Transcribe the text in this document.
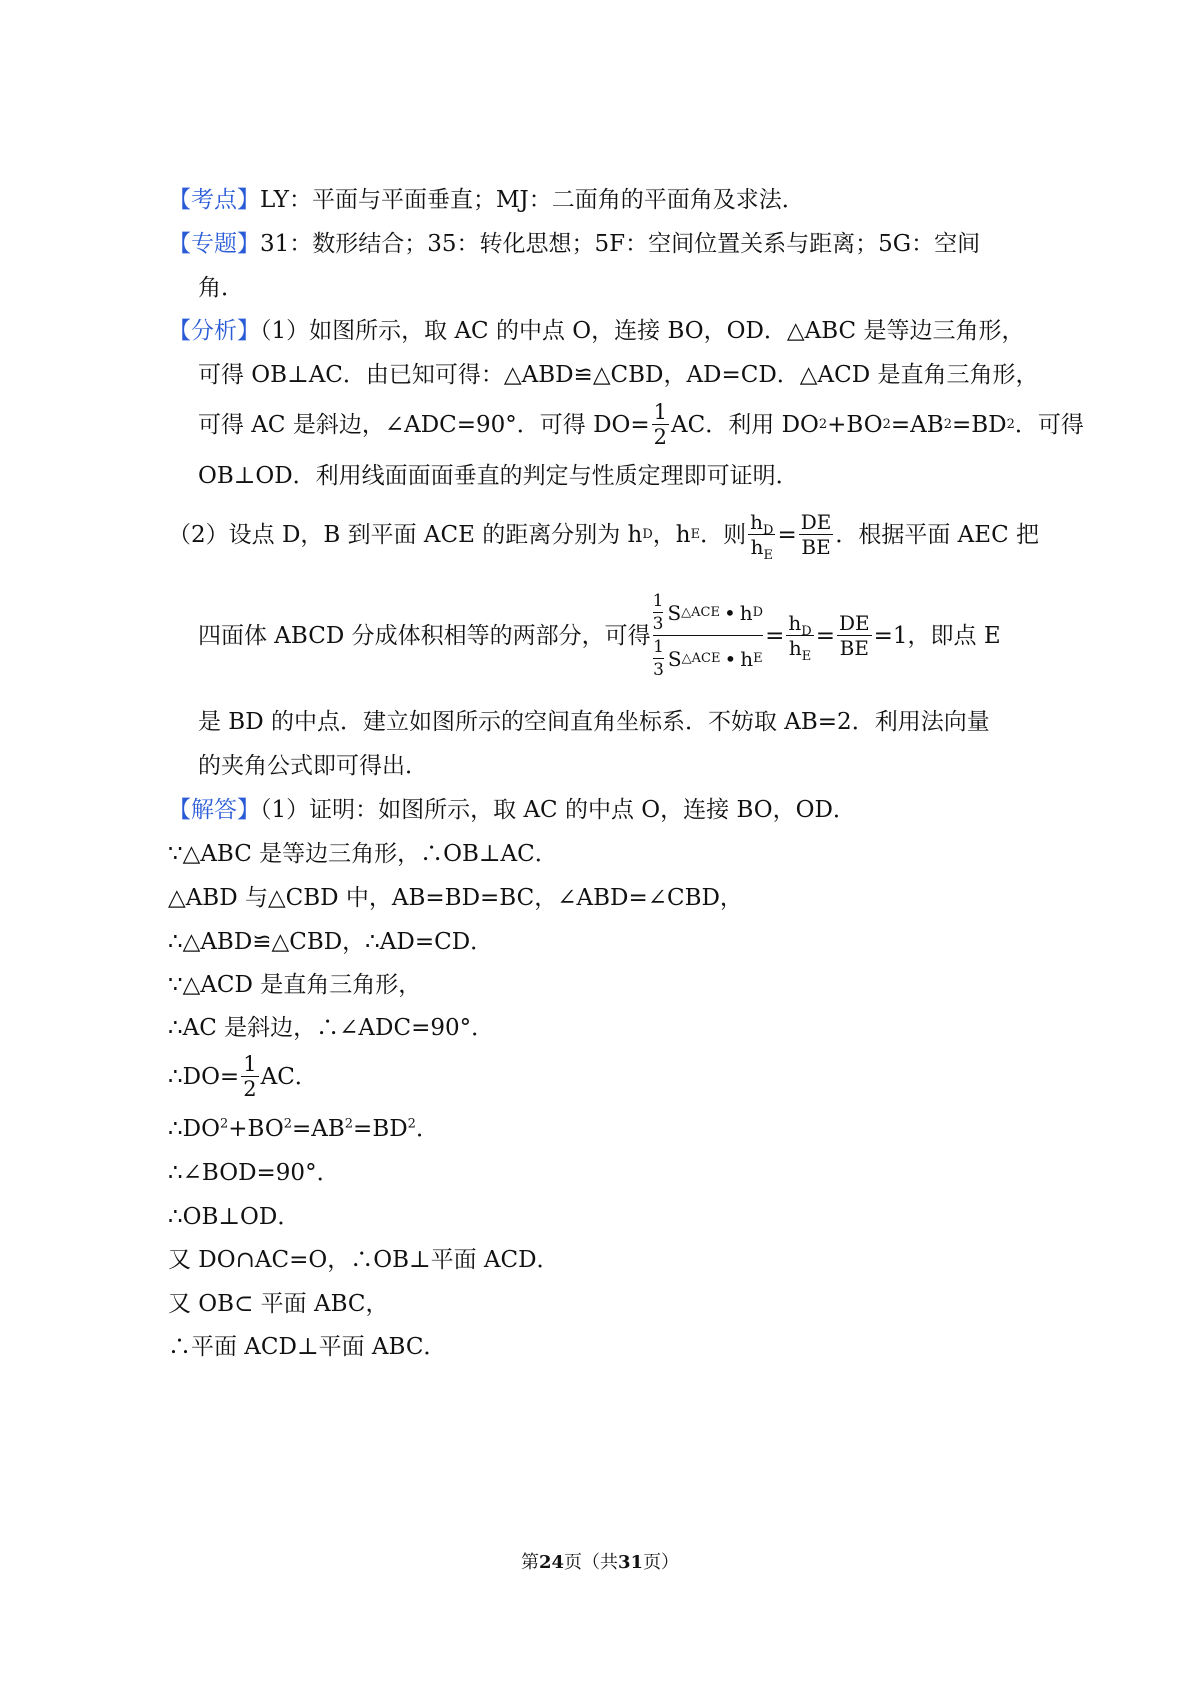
【考点】LY：平面与平面垂直；MJ：二面角的平面角及求法．
【专题】31：数形结合；35：转化思想；5F：空间位置关系与距离；5G：空间
角．
【分析】（1）如图所示，取 AC 的中点 O，连接 BO，OD．△ABC 是等边三角形，
可得 OB⊥AC．由已知可得：△ABD≌△CBD，AD=CD．△ACD 是直角三角形，
可得 AC 是斜边，∠ADC=90°．可得 $DO= \frac{1}{2}$ AC．利用 DO 2 +BO 2 =AB 2 =BD 2 ．可得
OB⊥OD．利用线面面面垂直的判定与性质定理即可证明．
（2）设点 D，B 到平面 ACE 的距离分别为 h D ，h E ．则 $\frac{h_D}{h_E} = \frac{DE}{BE}$ ．根据平面 AEC 把
四面体 ABCD 分成体积相等的两部分，可得 $\frac{\frac{1}{3} S \triangle ACE • h D}{\frac{1}{3} S \triangle ACE • h E} = \frac{h_D}{h_E} = \frac{DE}{BE} =1$，即点 E
是 BD 的中点．建立如图所示的空间直角坐标系．不妨取 AB=2．利用法向量
的夹角公式即可得出．
【解答】（1）证明：如图所示，取 AC 的中点 O，连接 BO，OD．
∵△ABC 是等边三角形，∴OB⊥AC．
△ABD 与△CBD 中，AB=BD=BC，∠ABD=∠CBD，
∴△ABD≌△CBD，∴AD=CD．
∵△ACD 是直角三角形，
∴AC 是斜边，∴∠ADC=90°．
∴DO= $\frac{1}{2}$ AC．
$\therefore DO^2+BO^2=AB^2=BD^2$．
∴∠BOD=90°．
∴OB⊥OD．
又 DO∩AC=O，∴OB⊥平面 ACD．
又 OB⊂ 平面 ABC，
∴平面 ACD⊥平面 ABC．
第24页（共31页）
